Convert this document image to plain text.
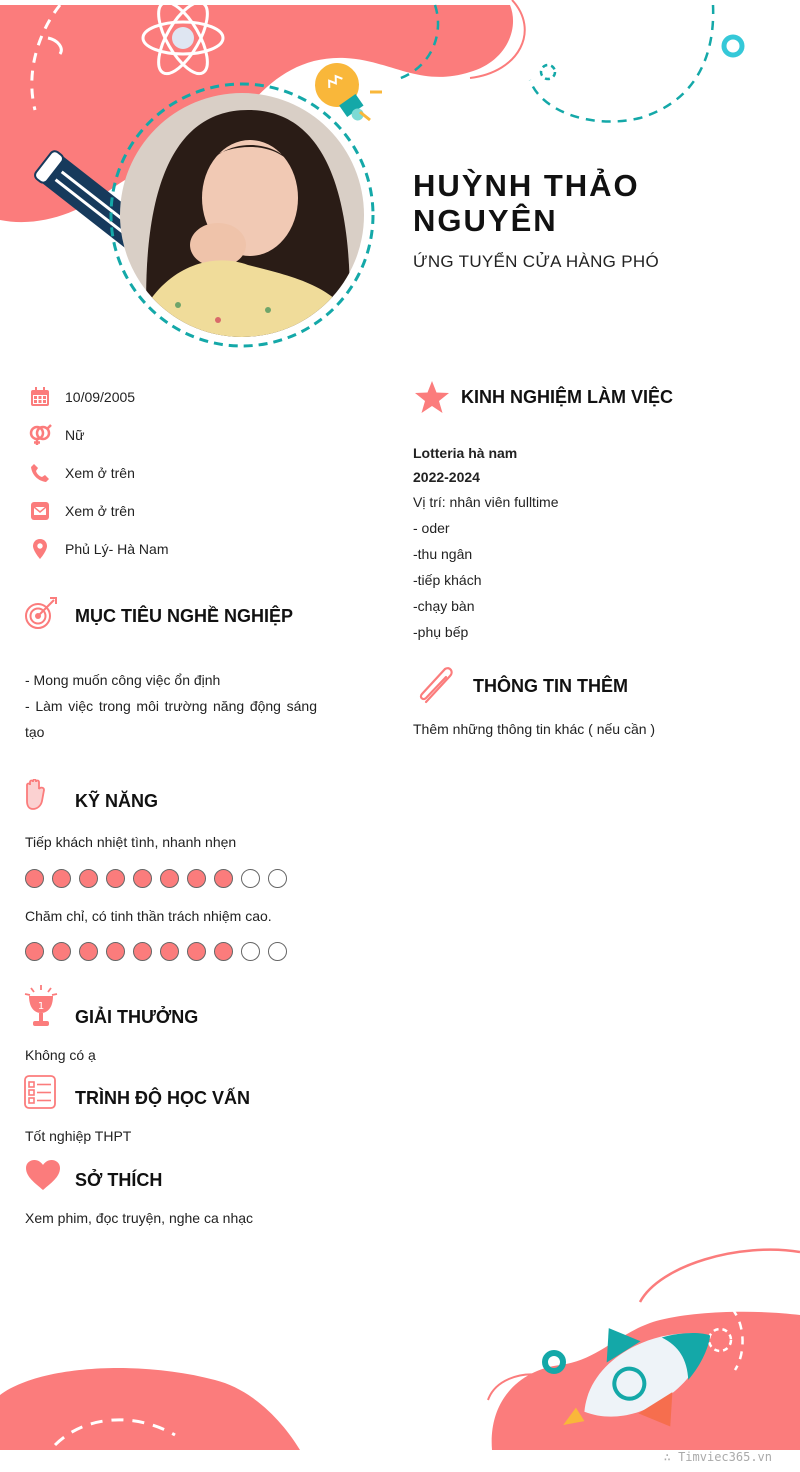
HUỲNH THẢO NGUYÊN
ỨNG TUYỂN CỬA HÀNG PHÓ
10/09/2005
Nữ
Xem ở trên
Xem ở trên
Phủ Lý- Hà Nam
MỤC TIÊU NGHỀ NGHIỆP
- Mong muốn công việc ổn định
- Làm việc trong môi trường năng động sáng tạo
KỸ NĂNG
Tiếp khách nhiệt tình, nhanh nhẹn
Chăm chỉ, có tinh thần trách nhiệm cao.
1
GIẢI THƯỞNG
Không có ạ
TRÌNH ĐỘ HỌC VẤN
Tốt nghiệp THPT
SỞ THÍCH
Xem phim, đọc truyện, nghe ca nhạc
KINH NGHIỆM LÀM VIỆC
Lotteria hà nam
2022-2024
Vị trí: nhân viên fulltime
- oder
-thu ngân
-tiếp khách
-chạy bàn
-phụ bếp
THÔNG TIN THÊM
Thêm những thông tin khác ( nếu cần )
∴ Timviec365.vn
